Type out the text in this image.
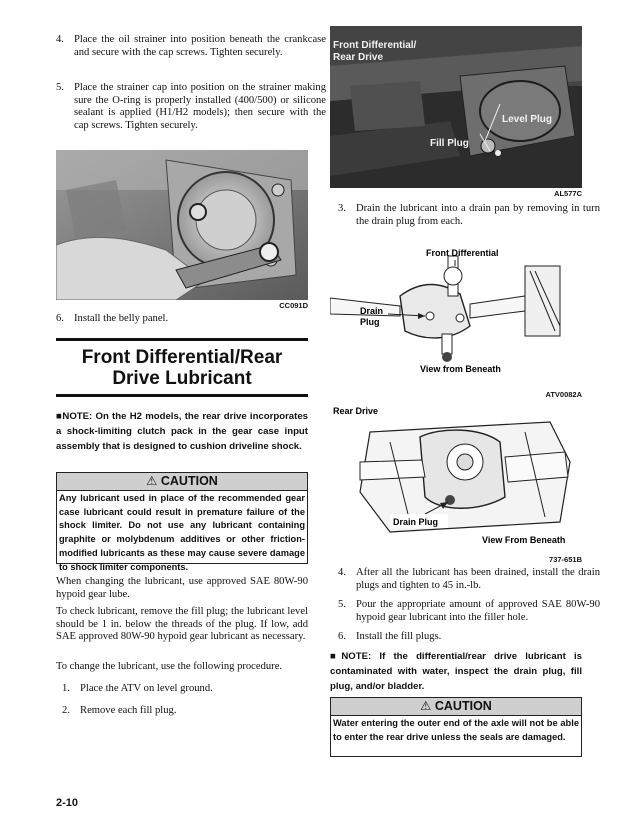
4. Place the oil strainer into position beneath the crankcase and secure with the cap screws. Tighten securely.
5. Place the strainer cap into position on the strainer making sure the O-ring is properly installed (400/500) or silicone sealant is applied (H1/H2 models); then secure with the cap screws. Tighten securely.
CC091D
6. Install the belly panel.
Front Differential/Rear
Drive Lubricant
■NOTE: On the H2 models, the rear drive incorporates a shock-limiting clutch pack in the gear case input assembly that is designed to cushion driveline shock.
⚠ CAUTION
Any lubricant used in place of the recommended gear case lubricant could result in premature failure of the shock limiter. Do not use any lubricant containing graphite or molybdenum additives or other friction-modified lubricants as these may cause severe damage to shock limiter components.
When changing the lubricant, use approved SAE 80W-90 hypoid gear lube.
To check lubricant, remove the fill plug; the lubricant level should be 1 in. below the threads of the plug. If low, add SAE approved 80W-90 hypoid gear lubricant as necessary.
To change the lubricant, use the following procedure.
1. Place the ATV on level ground.
2. Remove each fill plug.
Front Differential/
Rear Drive
Level Plug
Fill Plug
AL577C
3. Drain the lubricant into a drain pan by removing in turn the drain plug from each.
Front Differential
Drain
Plug
View from Beneath
ATV0082A
Rear Drive
Drain Plug
View From Beneath
737-651B
4. After all the lubricant has been drained, install the drain plugs and tighten to 45 in.-lb.
5. Pour the appropriate amount of approved SAE 80W-90 hypoid gear lubricant into the filler hole.
6. Install the fill plugs.
■NOTE: If the differential/rear drive lubricant is contaminated with water, inspect the drain plug, fill plug, and/or bladder.
⚠ CAUTION
Water entering the outer end of the axle will not be able to enter the rear drive unless the seals are damaged.
2-10
